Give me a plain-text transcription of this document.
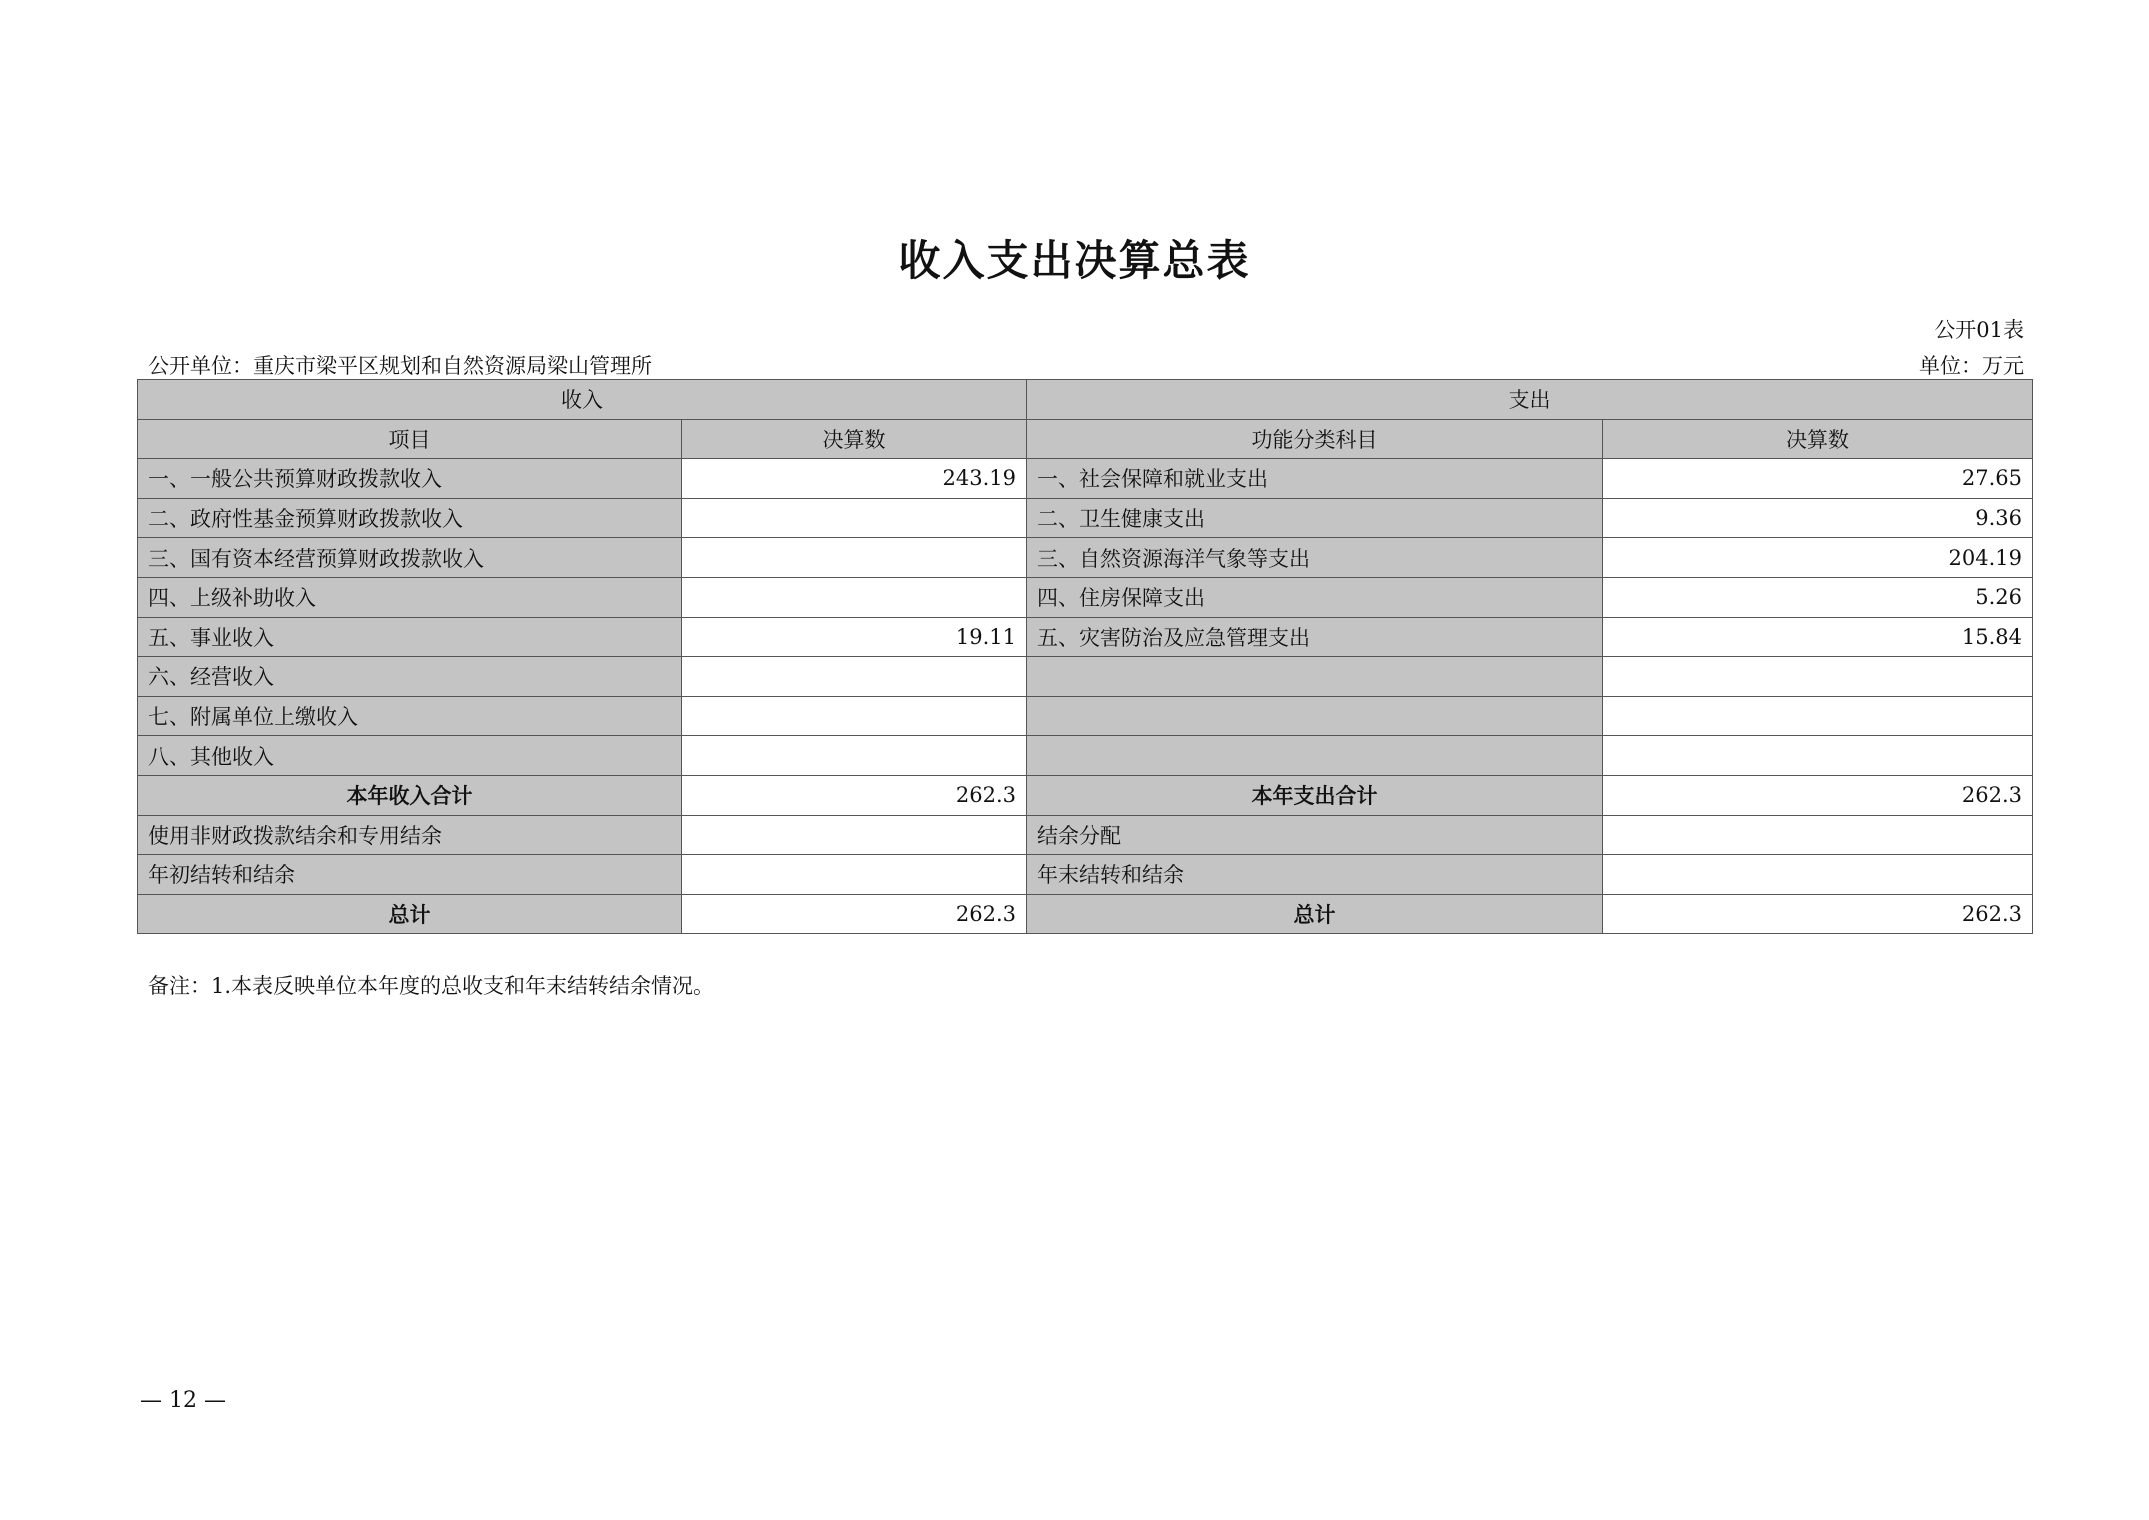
收入支出决算总表
公开01表
公开单位：重庆市梁平区规划和自然资源局梁山管理所	单位：万元
收入		支出	
项目	决算数	功能分类科目	决算数
一、一般公共预算财政拨款收入	243.19	一、社会保障和就业支出	27.65
二、政府性基金预算财政拨款收入		二、卫生健康支出	9.36
三、国有资本经营预算财政拨款收入		三、自然资源海洋气象等支出	204.19
四、上级补助收入		四、住房保障支出	5.26
五、事业收入	19.11	五、灾害防治及应急管理支出	15.84
六、经营收入			
七、附属单位上缴收入			
八、其他收入			
本年收入合计	262.3	本年支出合计	262.3
使用非财政拨款结余和专用结余		结余分配	
年初结转和结余		年末结转和结余	
总计	262.3	总计	262.3
备注：1.本表反映单位本年度的总收支和年末结转结余情况。
— 12 —
